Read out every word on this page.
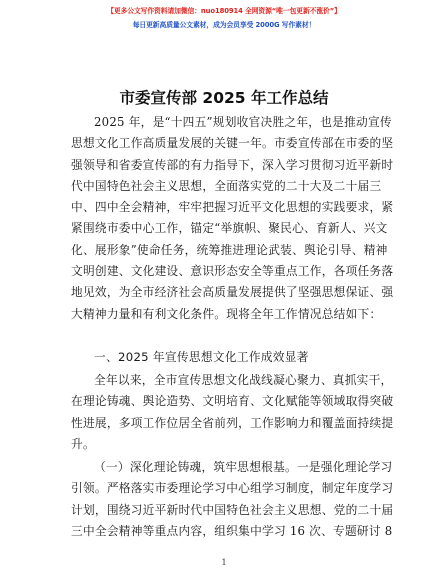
【更多公文写作资料请加微信：nuo180914 全网资源“唯一包更新不涨价”】
每日更新高质量公文素材，成为会员享受 2000G 写作素材！
市委宣传部 2025 年工作总结
2025 年，是“十四五”规划收官决胜之年，也是推动宣传
思想文化工作高质量发展的关键一年。市委宣传部在市委的坚
强领导和省委宣传部的有力指导下，深入学习贯彻习近平新时
代中国特色社会主义思想，全面落实党的二十大及二十届三
中、四中全会精神，牢牢把握习近平文化思想的实践要求，紧
紧围绕市委中心工作，锚定“举旗帜、聚民心、育新人、兴文
化、展形象”使命任务，统筹推进理论武装、舆论引导、精神
文明创建、文化建设、意识形态安全等重点工作，各项任务落
地见效，为全市经济社会高质量发展提供了坚强思想保证、强
大精神力量和有利文化条件。现将全年工作情况总结如下：
一、2025 年宣传思想文化工作成效显著
全年以来，全市宣传思想文化战线凝心聚力、真抓实干，
在理论铸魂、舆论造势、文明培育、文化赋能等领域取得突破
性进展，多项工作位居全省前列，工作影响力和覆盖面持续提
升。
（一）深化理论铸魂，筑牢思想根基。一是强化理论学习
引领。严格落实市委理论学习中心组学习制度，制定年度学习
计划，围绕习近平新时代中国特色社会主义思想、党的二十届
三中全会精神等重点内容，组织集中学习 16 次、专题研讨 8
1
